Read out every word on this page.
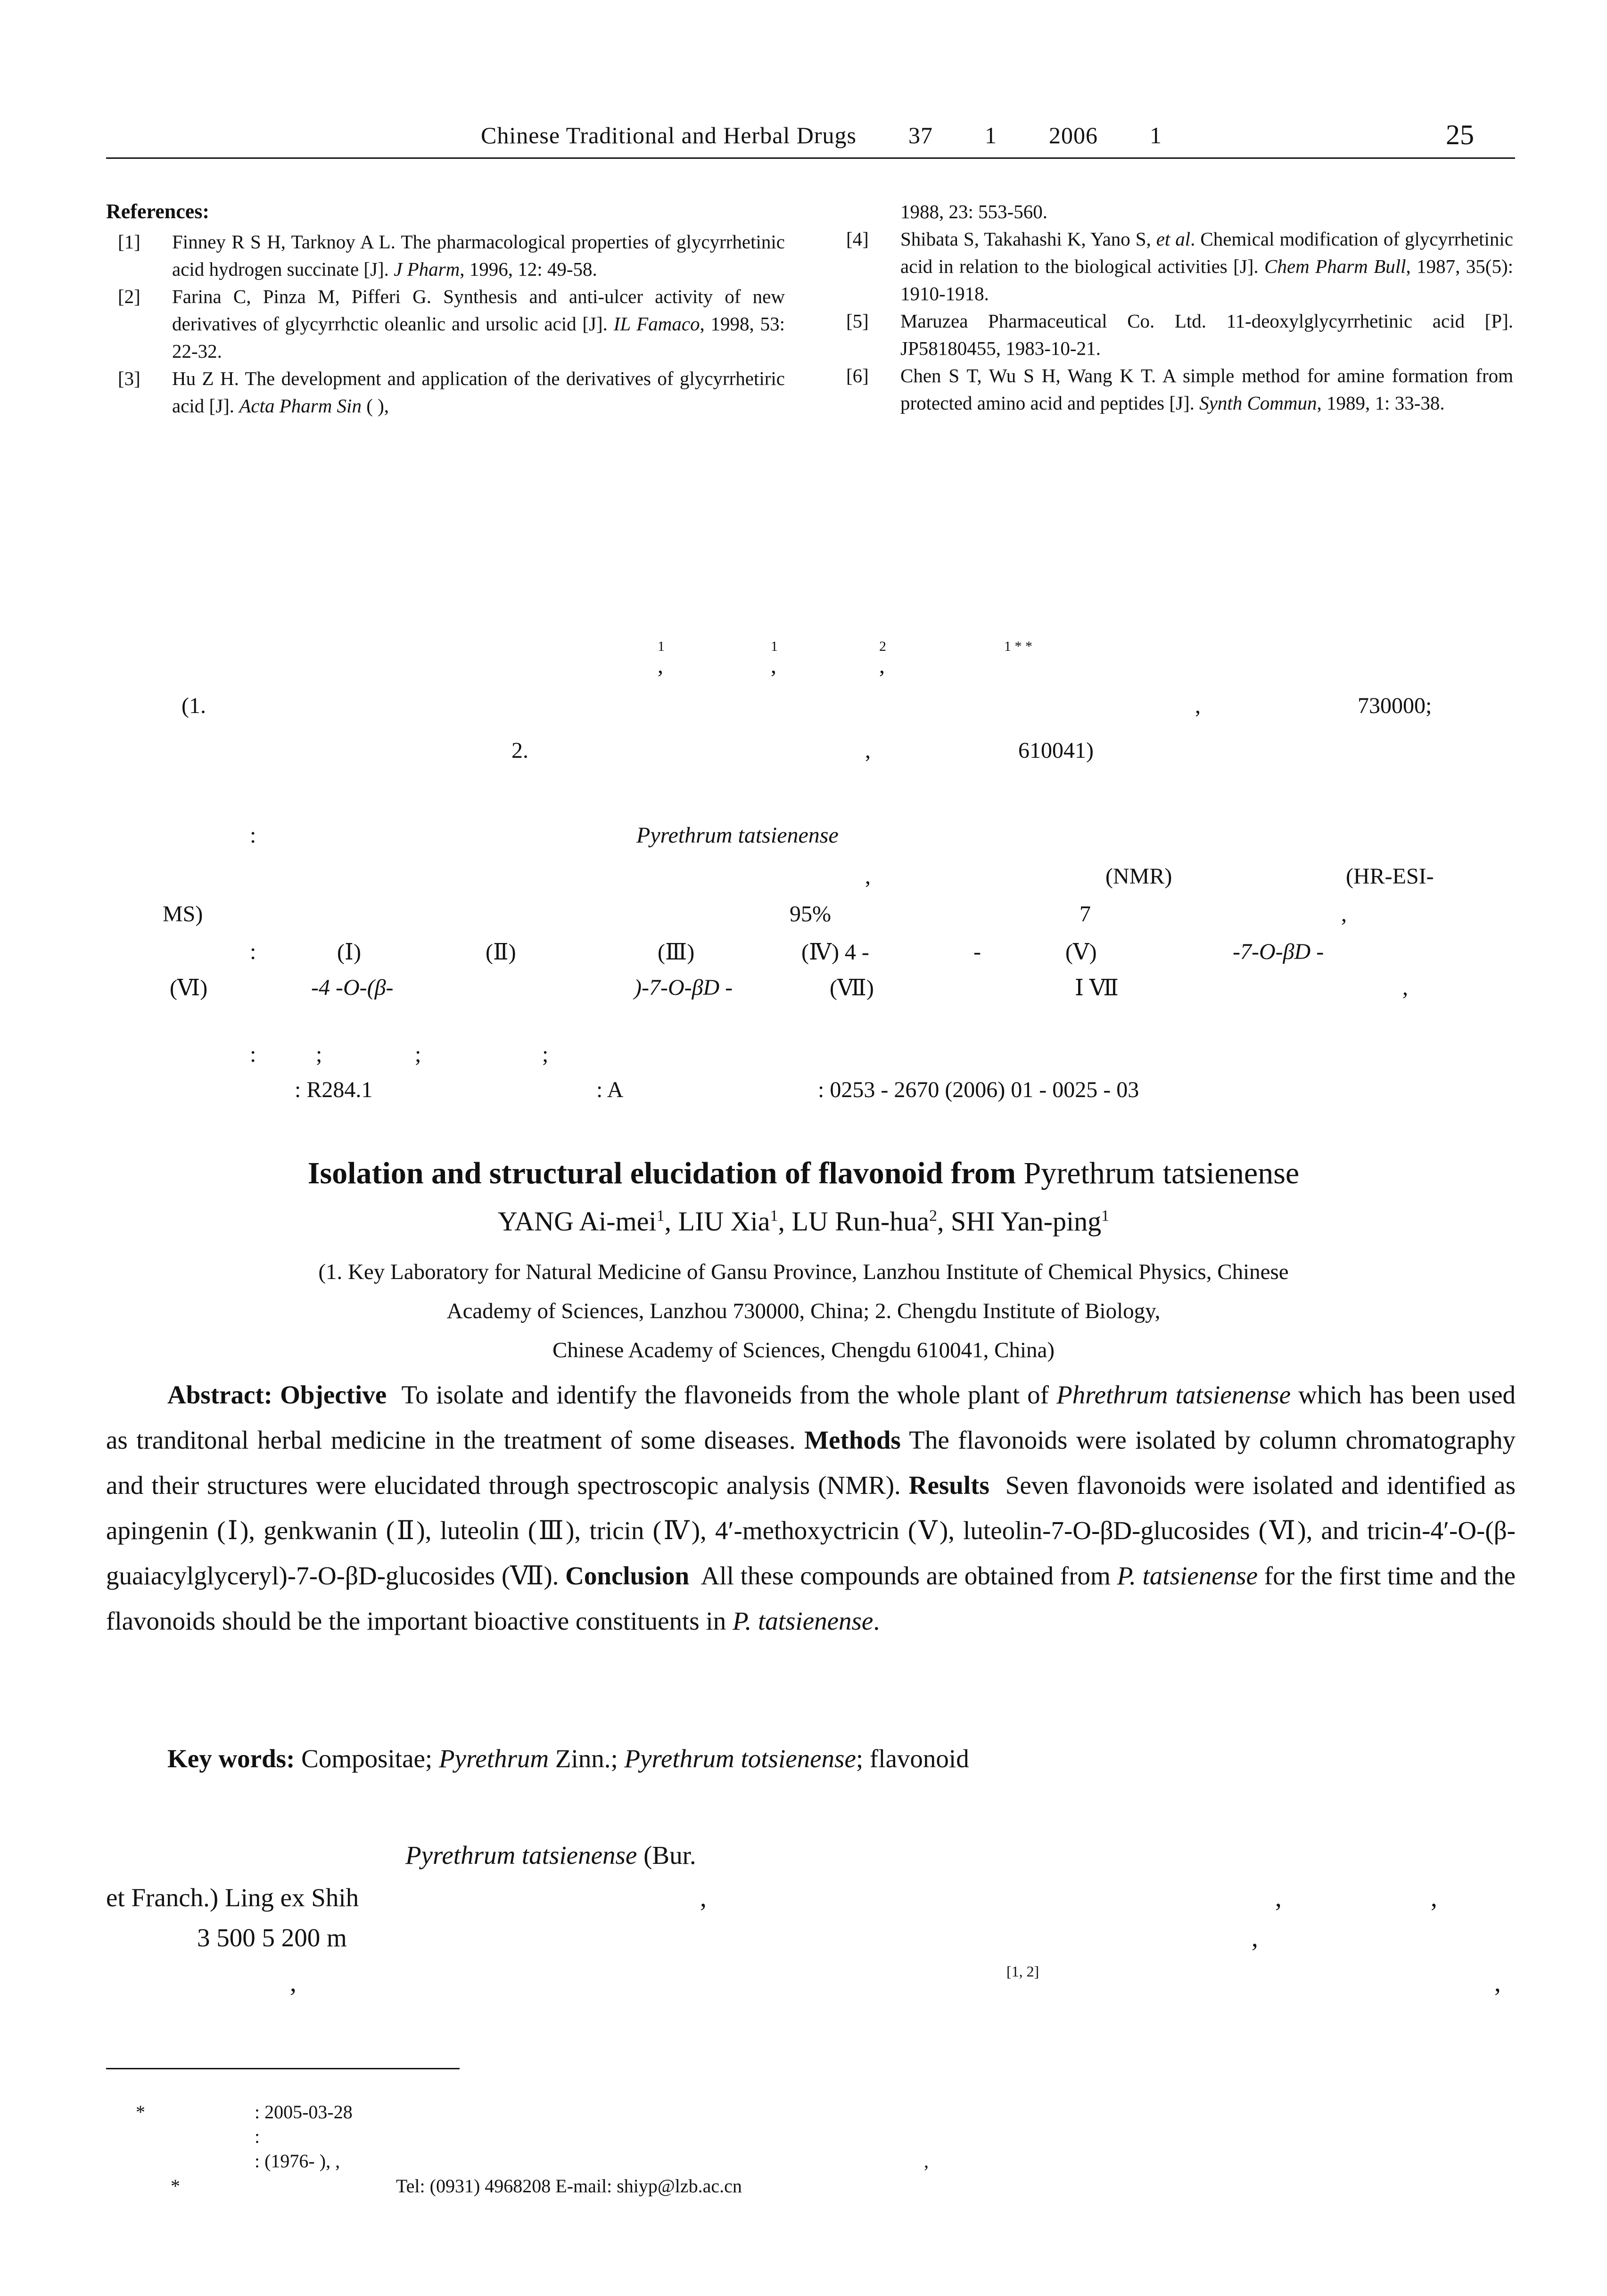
Chinese Traditional and Herbal Drugs 37 1 2006 1	25
References:
[1]	Finney R S H, Tarknoy A L. The pharmacological properties of glycyrrhetinic acid hydrogen succinate [J]. J Pharm, 1996, 12: 49-58.
[2]	Farina C, Pinza M, Pifferi G. Synthesis and anti-ulcer activity of new derivatives of glycyrrhctic oleanlic and ursolic acid [J]. IL Famaco, 1998, 53: 22-32.
[3]	Hu Z H. The development and application of the derivatives of glycyrrhetiric acid [J]. Acta Pharm Sin ( ),
1988, 23: 553-560.
[4]	Shibata S, Takahashi K, Yano S, et al. Chemical modification of glycyrrhetinic acid in relation to the biological activities [J]. Chem Pharm Bull, 1987, 35(5): 1910-1918.
[5]	Maruzea Pharmaceutical Co. Ltd. 11-deoxylglycyrrhetinic acid [P]. JP58180455, 1983-10-21.
[6]	Chen S T, Wu S H, Wang K T. A simple method for amine formation from protected amino acid and peptides [J]. Synth Commun, 1989, 1: 33-38.
1
,
1
,
2
,
1 * *
(1.	,	730000;
2.	,	610041)
:	Pyrethrum tatsienense
,	(NMR)	(HR-ESI-
MS)	95%	7	,
:	(Ⅰ)	(Ⅱ)	(Ⅲ)	(Ⅳ) 4 -	-	(Ⅴ)	-7-O-βD -
(Ⅵ)	-4 -O-(β-	)-7-O-βD -	(Ⅶ)	Ⅰ Ⅶ	,
:	;	;	;
: R284.1	: A	: 0253 - 2670 (2006) 01 - 0025 - 03
Isolation and structural elucidation of flavonoid from Pyrethrum tatsienense
YANG Ai-mei$^1$, LIU Xia$^1$, LU Run-hua$^2$, SHI Yan-ping$^1$
(1. Key Laboratory for Natural Medicine of Gansu Province, Lanzhou Institute of Chemical Physics, Chinese
Academy of Sciences, Lanzhou 730000, China; 2. Chengdu Institute of Biology,
Chinese Academy of Sciences, Chengdu 610041, China)
Abstract: Objective To isolate and identify the flavoneids from the whole plant of Phrethrum tatsienense which has been used as tranditonal herbal medicine in the treatment of some diseases. Methods The flavonoids were isolated by column chromatography and their structures were elucidated through spectroscopic analysis (NMR). Results Seven flavonoids were isolated and identified as apingenin (Ⅰ), genkwanin (Ⅱ), luteolin (Ⅲ), tricin (Ⅳ), 4′-methoxyctricin (Ⅴ), luteolin-7-O-βD-glucosides (Ⅵ), and tricin-4′-O-(β-guaiacylglyceryl)-7-O-βD-glucosides (Ⅶ). Conclusion All these compounds are obtained from P. tatsienense for the first time and the flavonoids should be the important bioactive constituents in P. tatsienense.
Key words: Compositae; Pyrethrum Zinn.; Pyrethrum totsienense; flavonoid
Pyrethrum tatsienense (Bur.
et Franch.) Ling ex Shih	,	,	,
3 500 5 200 m	,
[1, 2]
,	,
*	: 2005-03-28
:
: (1976- ), ,	,
*	Tel: (0931) 4968208 E-mail: shiyp@lzb.ac.cn
